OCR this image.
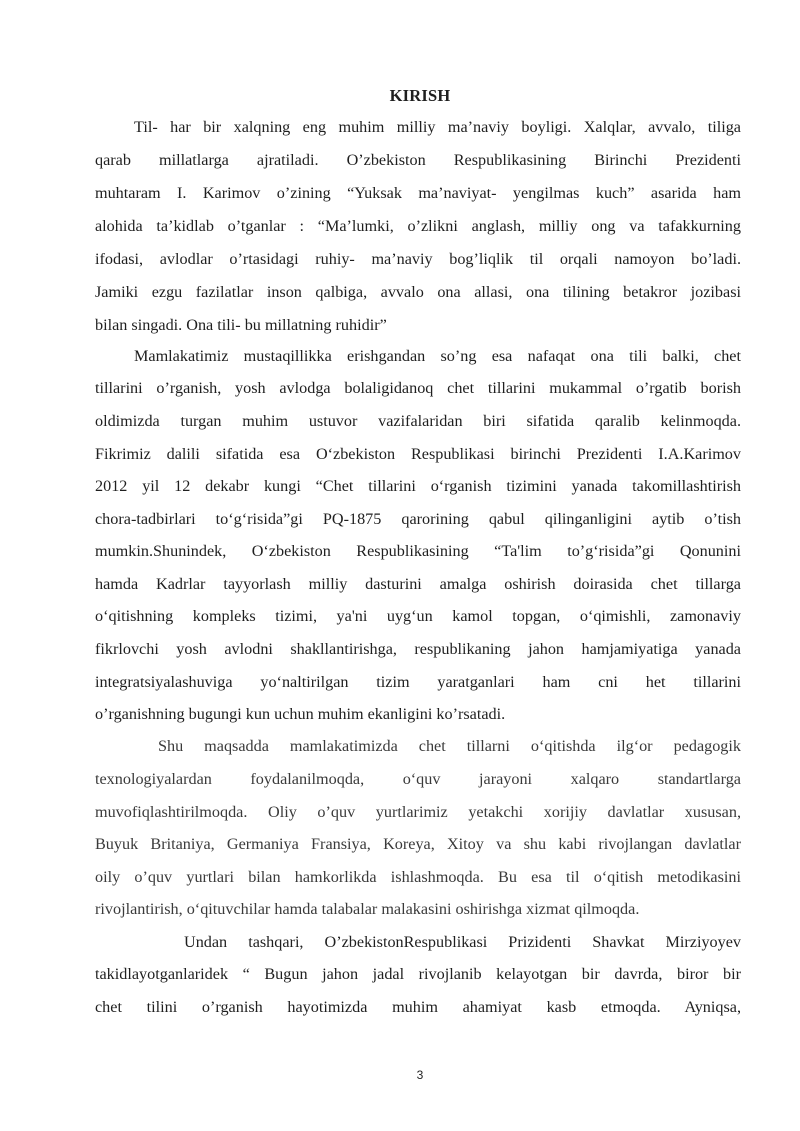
KIRISH
Til- har bir xalqning eng muhim milliy ma’naviy boyligi. Xalqlar, avvalo, tiliga
qarab millatlarga ajratiladi. O’zbekiston Respublikasining Birinchi Prezidenti
muhtaram I. Karimov o’zining “Yuksak ma’naviyat- yengilmas kuch” asarida ham
alohida ta’kidlab o’tganlar : “Ma’lumki, o’zlikni anglash, milliy ong va tafakkurning
ifodasi, avlodlar o’rtasidagi ruhiy- ma’naviy bog’liqlik til orqali namoyon bo’ladi.
Jamiki ezgu fazilatlar inson qalbiga, avvalo ona allasi, ona tilining betakror jozibasi
bilan singadi. Ona tili- bu millatning ruhidir”
Mamlakatimiz mustaqillikka erishgandan so’ng esa nafaqat ona tili balki, chet
tillarini o’rganish, yosh avlodga bolaligidanoq chet tillarini mukammal o’rgatib borish
oldimizda turgan muhim ustuvor vazifalaridan biri sifatida qaralib kelinmoqda.
Fikrimiz dalili sifatida esa O‘zbekiston Respublikasi birinchi Prezidenti I.A.Karimov
2012 yil 12 dekabr kungi “Chet tillarini o‘rganish tizimini yanada takomillashtirish
chora-tadbirlari to‘g‘risida”gi PQ-1875 qarorining qabul qilinganligini aytib o’tish
mumkin.Shunindek, O‘zbekiston Respublikasining “Ta'lim to’g‘risida”gi Qonunini
hamda Kadrlar tayyorlash milliy dasturini amalga oshirish doirasida chet tillarga
o‘qitishning kompleks tizimi, ya'ni uyg‘un kamol topgan, o‘qimishli, zamonaviy
fikrlovchi yosh avlodni shakllantirishga, respublikaning jahon hamjamiyatiga yanada
integratsiyalashuviga yo‘naltirilgan tizim yaratganlari ham cni het tillarini
o’rganishning bugungi kun uchun muhim ekanligini ko’rsatadi.
Shu maqsadda mamlakatimizda chet tillarni o‘qitishda ilg‘or pedagogik
texnologiyalardan foydalanilmoqda, o‘quv jarayoni xalqaro standartlarga
muvofiqlashtirilmoqda. Oliy o’quv yurtlarimiz yetakchi xorijiy davlatlar xususan,
Buyuk Britaniya, Germaniya Fransiya, Koreya, Xitoy va shu kabi rivojlangan davlatlar
oily o’quv yurtlari bilan hamkorlikda ishlashmoqda. Bu esa til o‘qitish metodikasini
rivojlantirish, o‘qituvchilar hamda talabalar malakasini oshirishga xizmat qilmoqda.
Undan tashqari, O’zbekistonRespublikasi Prizidenti Shavkat Mirziyoyev
takidlayotganlaridek “ Bugun jahon jadal rivojlanib kelayotgan bir davrda, biror bir
chet tilini o’rganish hayotimizda muhim ahamiyat kasb etmoqda. Ayniqsa,
3
